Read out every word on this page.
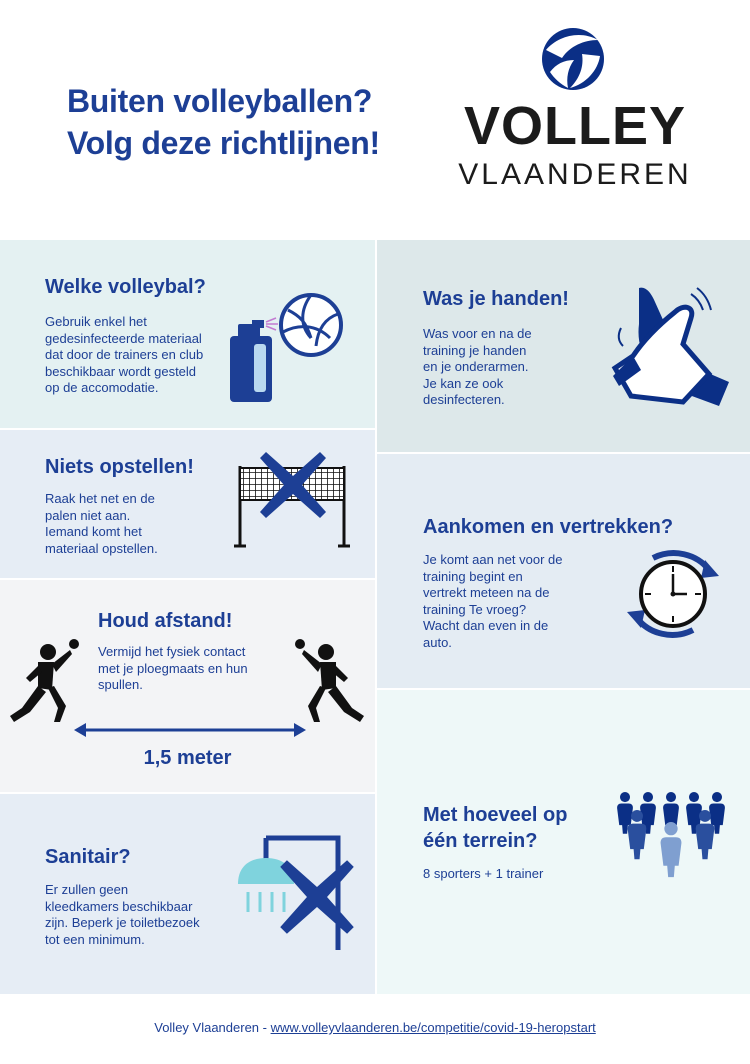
Buiten volleyballen?
Volg deze richtlijnen! VOLLEY
VLAANDEREN
Welke volleybal?
Gebruik enkel het
gedesinfecteerde materiaal
dat door de trainers en club
beschikbaar wordt gesteld
op de accomodatie.
Niets opstellen!
Raak het net en de
palen niet aan.
Iemand komt het
materiaal opstellen.
Houd afstand!
Vermijd het fysiek contact
met je ploegmaats en hun
spullen.
1,5 meter
Sanitair?
Er zullen geen
kleedkamers beschikbaar
zijn. Beperk je toiletbezoek
tot een minimum.
Was je handen!
Was voor en na de
training je handen
en je onderarmen.
Je kan ze ook
desinfecteren.
Aankomen en vertrekken?
Je komt aan net voor de
training begint en
vertrekt meteen na de
training Te vroeg?
Wacht dan even in de
auto.
Met hoeveel op
één terrein?
8 sporters + 1 trainer
Volley Vlaanderen - www.volleyvlaanderen.be/competitie/covid-19-heropstart
